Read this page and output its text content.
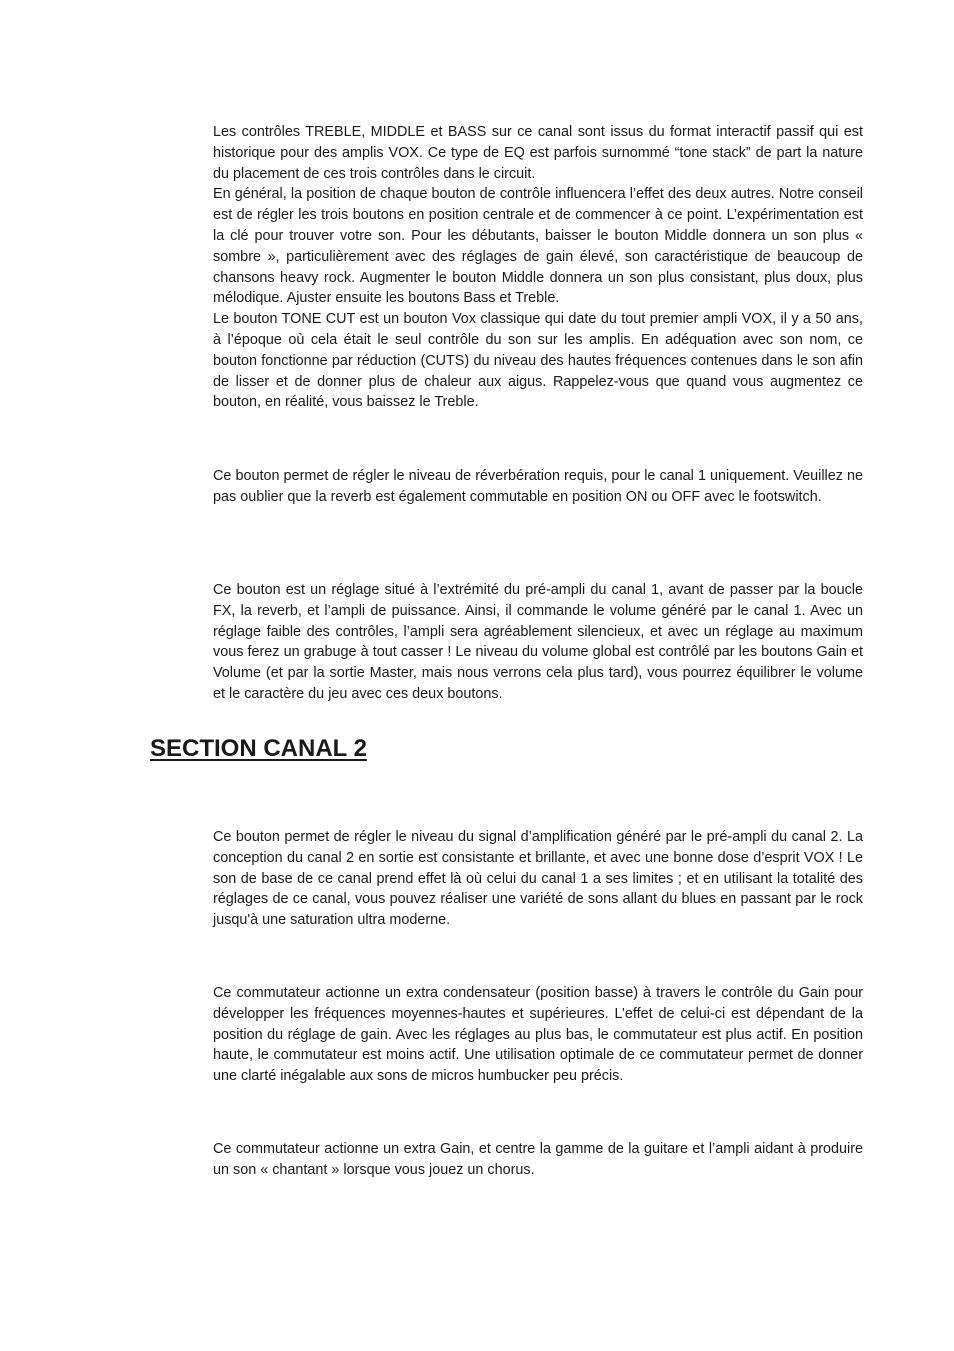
Les contrôles TREBLE, MIDDLE et BASS sur ce canal sont issus du format interactif passif qui est historique pour des amplis VOX. Ce type de EQ est parfois surnommé “tone stack” de part la nature du placement de ces trois contrôles dans le circuit.
En général, la position de chaque bouton de contrôle influencera l’effet des deux autres. Notre conseil est de régler les trois boutons en position centrale et de commencer à ce point. L’expérimentation est la clé pour trouver votre son. Pour les débutants, baisser le bouton Middle donnera un son plus « sombre », particulièrement avec des réglages de gain élevé, son caractéristique de beaucoup de chansons heavy rock. Augmenter le bouton Middle donnera un son plus consistant, plus doux, plus mélodique. Ajuster ensuite les boutons Bass et Treble.
Le bouton TONE CUT est un bouton Vox classique qui date du tout premier ampli VOX, il y a 50 ans, à l’époque où cela était le seul contrôle du son sur les amplis. En adéquation avec son nom, ce bouton fonctionne par réduction (CUTS) du niveau des hautes fréquences contenues dans le son afin de lisser et de donner plus de chaleur aux aigus. Rappelez-vous que quand vous augmentez ce bouton, en réalité, vous baissez le Treble.

Ce bouton permet de régler le niveau de réverbération requis, pour le canal 1 uniquement. Veuillez ne pas oublier que la reverb est également commutable en position ON ou OFF avec le footswitch.

Ce bouton est un réglage situé à l’extrémité du pré-ampli du canal 1, avant de passer par la boucle FX, la reverb, et l’ampli de puissance. Ainsi, il commande le volume généré par le canal 1. Avec un réglage faible des contrôles, l’ampli sera agréablement silencieux, et avec un réglage au maximum vous ferez un grabuge à tout casser ! Le niveau du volume global est contrôlé par les boutons Gain et Volume (et par la sortie Master, mais nous verrons cela plus tard), vous pourrez équilibrer le volume et le caractère du jeu avec ces deux boutons.

SECTION CANAL 2

Ce bouton permet de régler le niveau du signal d’amplification généré par le pré-ampli du canal 2. La conception du canal 2 en sortie est consistante et brillante, et avec une bonne dose d’esprit VOX ! Le son de base de ce canal prend effet là où celui du canal 1 a ses limites ; et en utilisant la totalité des réglages de ce canal, vous pouvez réaliser une variété de sons allant du blues en passant par le rock jusqu'à une saturation ultra moderne.

Ce commutateur actionne un extra condensateur (position basse) à travers le contrôle du Gain pour développer les fréquences moyennes-hautes et supérieures. L’effet de celui-ci est dépendant de la position du réglage de gain. Avec les réglages au plus bas, le commutateur est plus actif. En position haute, le commutateur est moins actif. Une utilisation optimale de ce commutateur permet de donner une clarté inégalable aux sons de micros humbucker peu précis.

Ce commutateur actionne un extra Gain, et centre la gamme de la guitare et l’ampli aidant à produire un son « chantant » lorsque vous jouez un chorus.
